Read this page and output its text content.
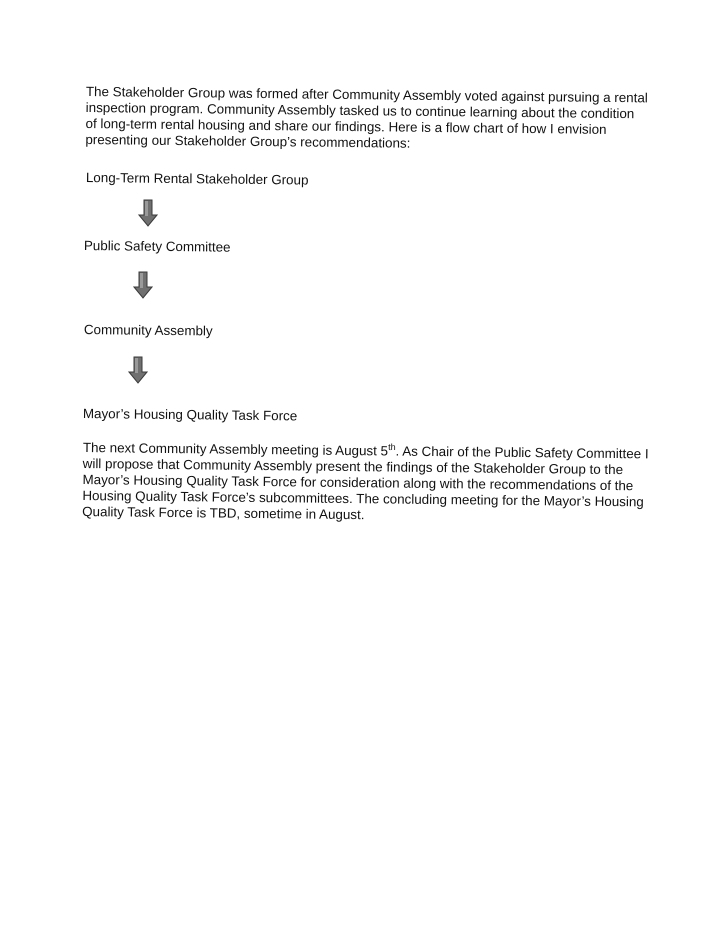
The Stakeholder Group was formed after Community Assembly voted against pursuing a rental
inspection program. Community Assembly tasked us to continue learning about the condition
of long-term rental housing and share our findings. Here is a flow chart of how I envision
presenting our Stakeholder Group’s recommendations:
Long-Term Rental Stakeholder Group
Public Safety Committee
Community Assembly
Mayor’s Housing Quality Task Force
The next Community Assembly meeting is August 5th. As Chair of the Public Safety Committee I
will propose that Community Assembly present the findings of the Stakeholder Group to the
Mayor’s Housing Quality Task Force for consideration along with the recommendations of the
Housing Quality Task Force’s subcommittees. The concluding meeting for the Mayor’s Housing
Quality Task Force is TBD, sometime in August.
